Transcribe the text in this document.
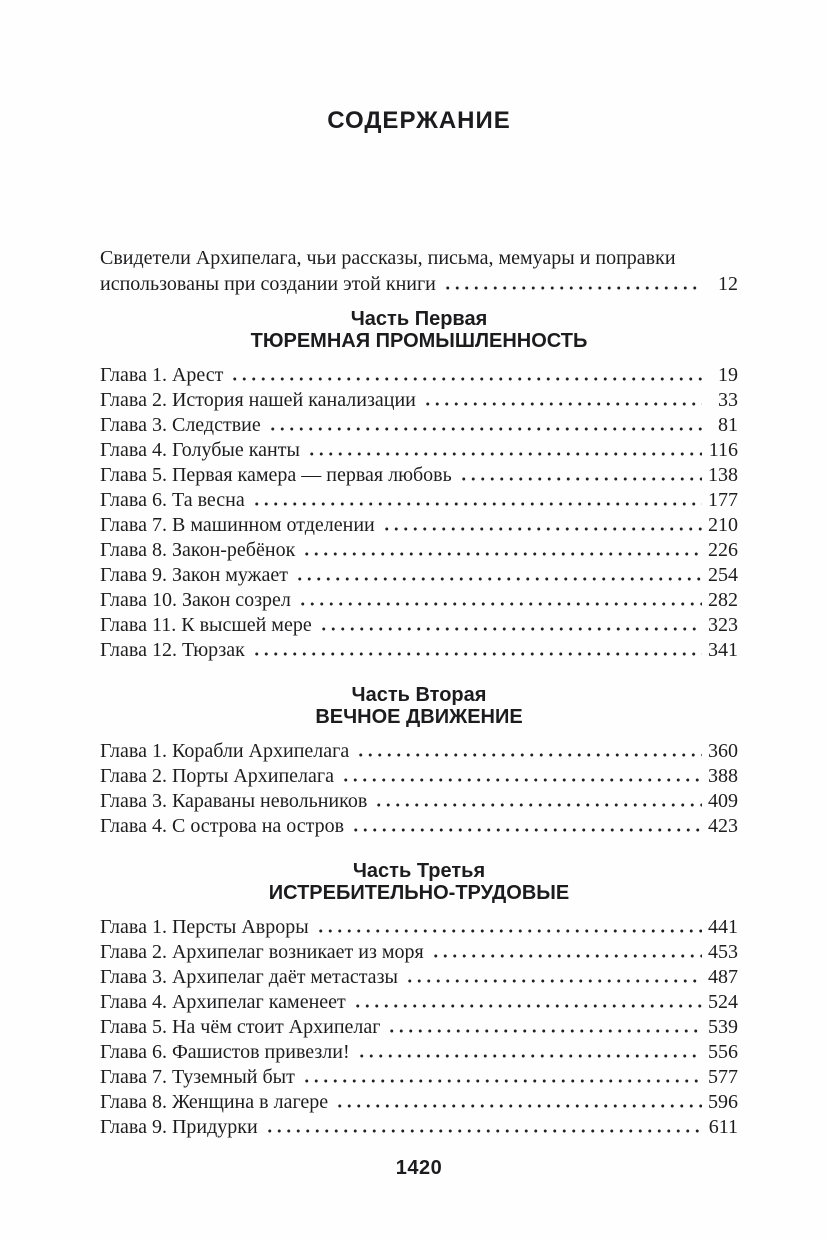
СОДЕРЖАНИЕ
Свидетели Архипелага, чьи рассказы, письма, мемуары и поправки
использованы при создании этой книги	12
Часть Первая
ТЮРЕМНАЯ ПРОМЫШЛЕННОСТЬ
Глава 1. Арест	19
Глава 2. История нашей канализации	33
Глава 3. Следствие	81
Глава 4. Голубые канты	116
Глава 5. Первая камера — первая любовь	138
Глава 6. Та весна	177
Глава 7. В машинном отделении	210
Глава 8. Закон-ребёнок	226
Глава 9. Закон мужает	254
Глава 10. Закон созрел	282
Глава 11. К высшей мере	323
Глава 12. Тюрзак	341
Часть Вторая
ВЕЧНОЕ ДВИЖЕНИЕ
Глава 1. Корабли Архипелага	360
Глава 2. Порты Архипелага	388
Глава 3. Караваны невольников	409
Глава 4. С острова на остров	423
Часть Третья
ИСТРЕБИТЕЛЬНО-ТРУДОВЫЕ
Глава 1. Персты Авроры	441
Глава 2. Архипелаг возникает из моря	453
Глава 3. Архипелаг даёт метастазы	487
Глава 4. Архипелаг каменеет	524
Глава 5. На чём стоит Архипелаг	539
Глава 6. Фашистов привезли!	556
Глава 7. Туземный быт	577
Глава 8. Женщина в лагере	596
Глава 9. Придурки	611
1420
